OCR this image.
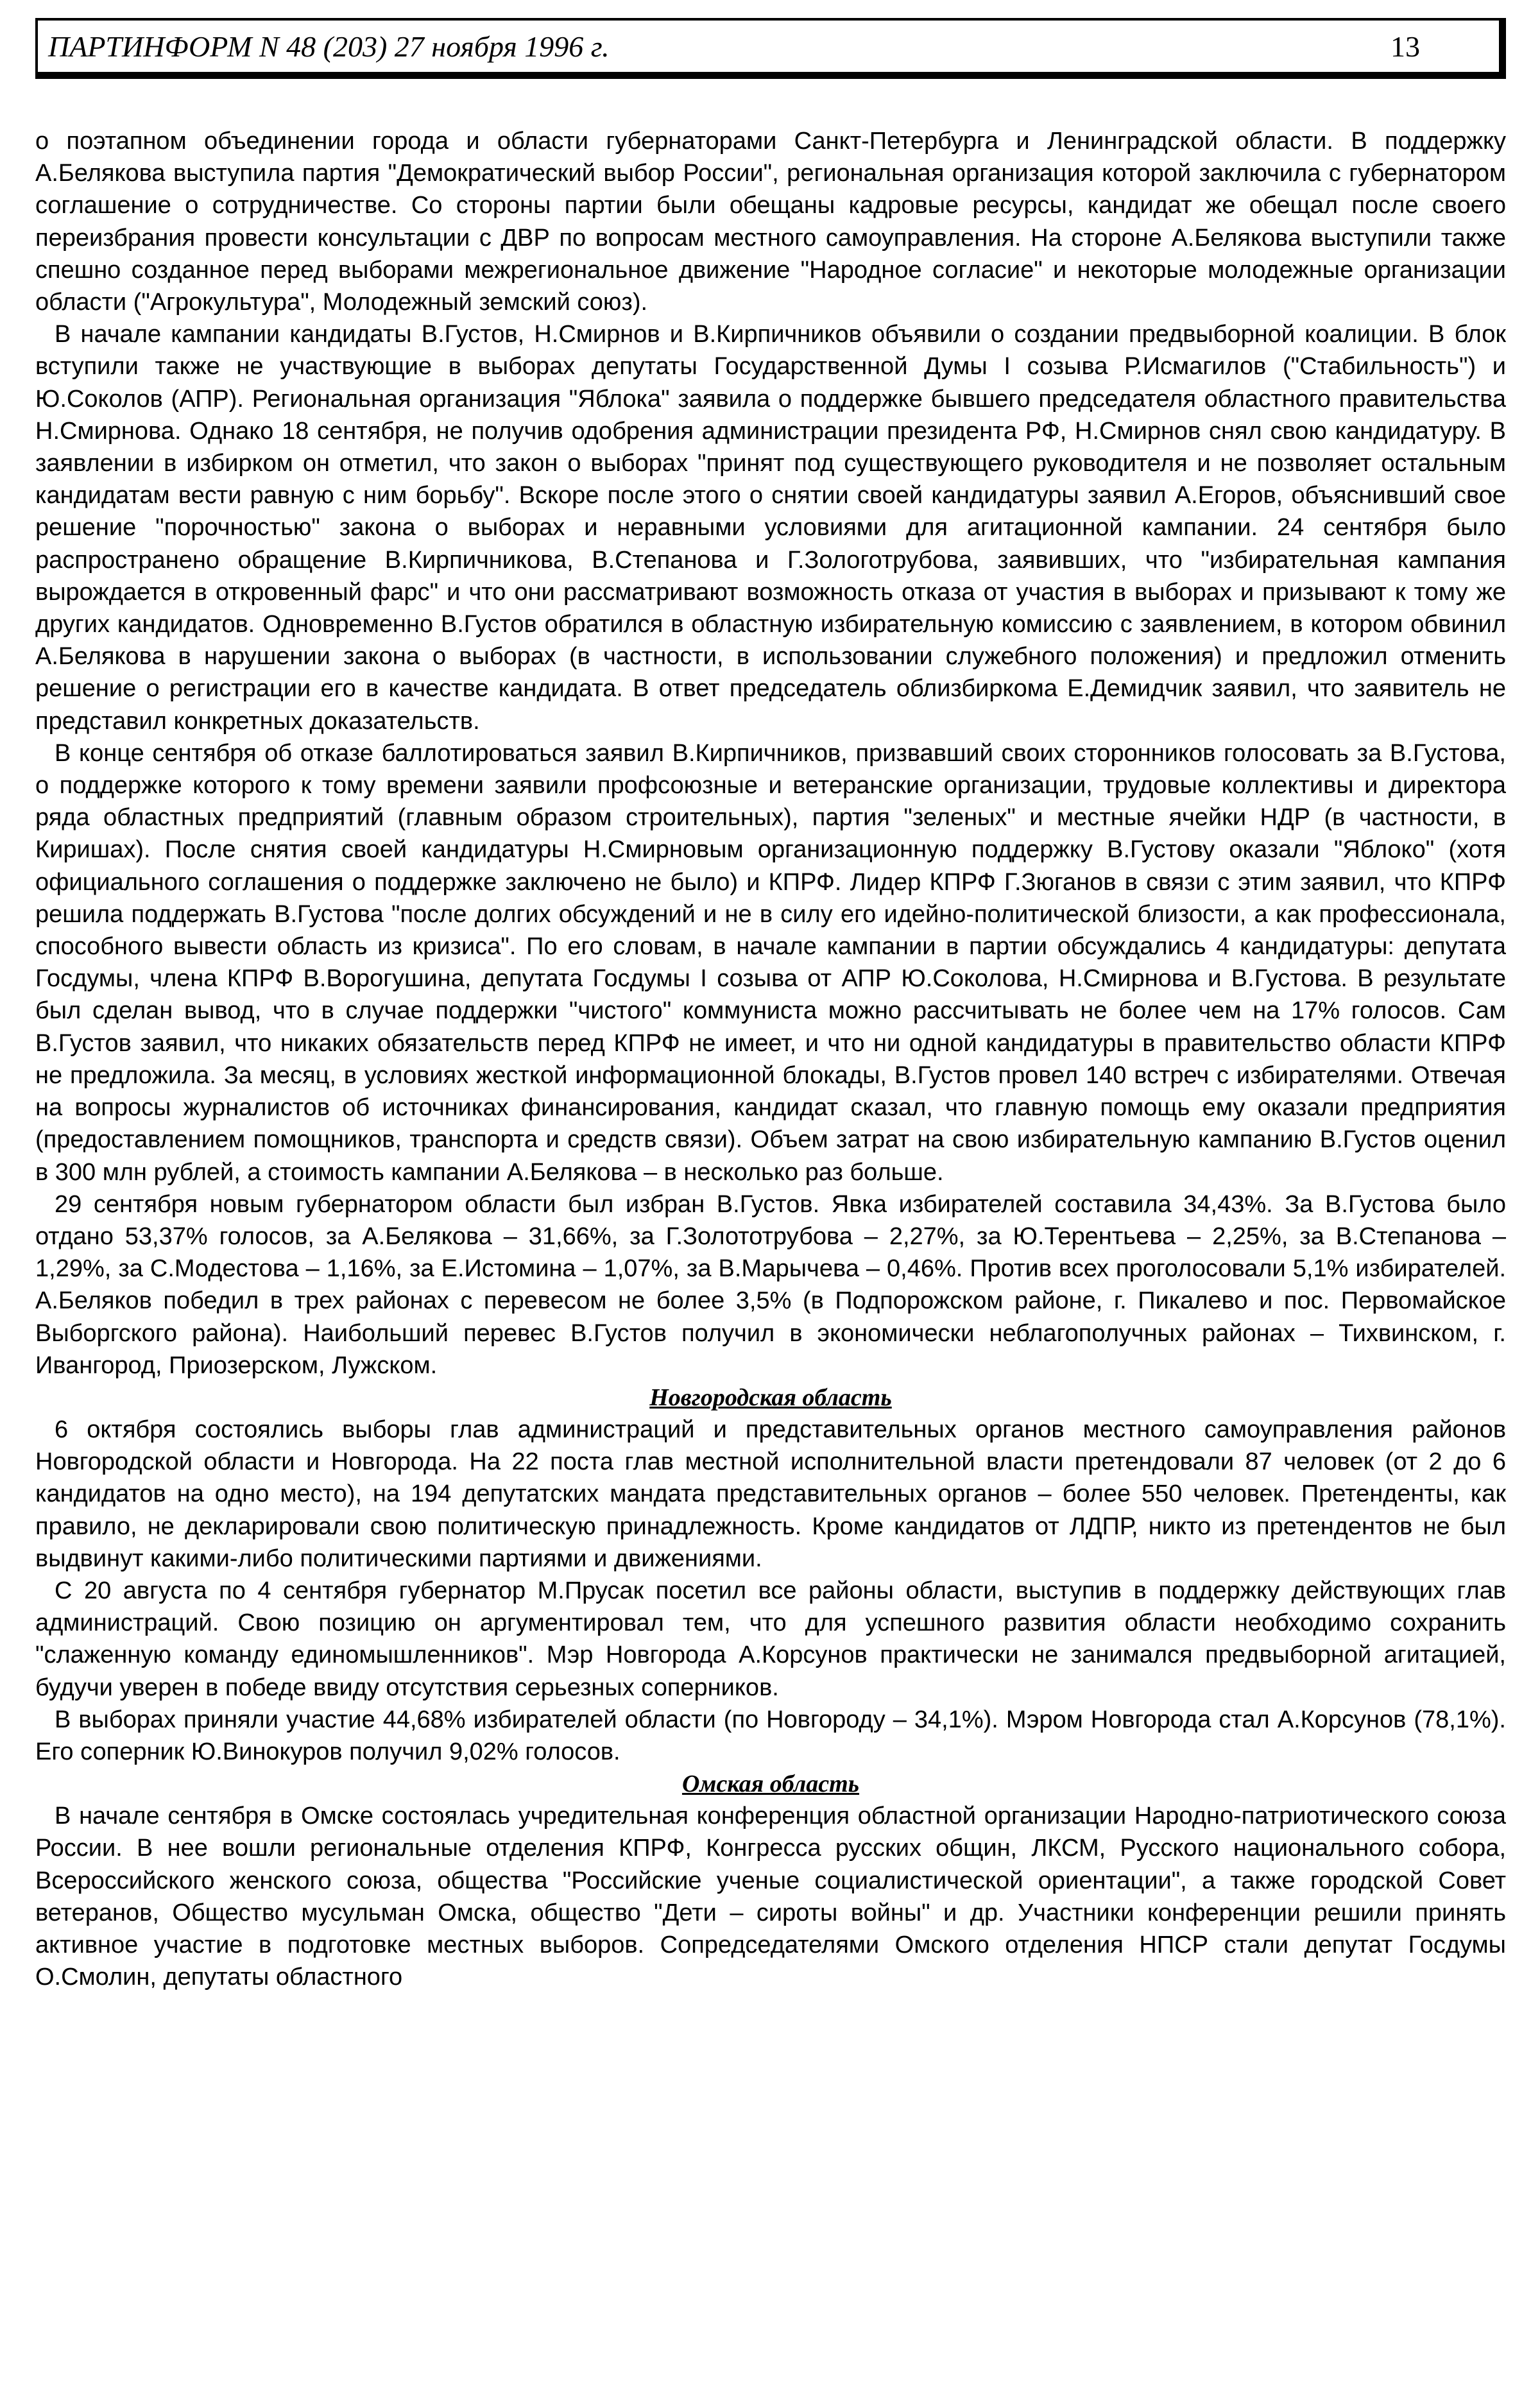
ПАРТИНФОРМ N 48 (203) 27 ноября 1996 г.	13

о поэтапном объединении города и области губернаторами Санкт-Петербурга и Ленинградской области. В поддержку А.Белякова выступила партия "Демократический выбор России", региональная организация которой заключила с губернатором соглашение о сотрудничестве. Со стороны партии были обещаны кадровые ресурсы, кандидат же обещал после своего переизбрания провести консультации с ДВР по вопросам местного самоуправления. На стороне А.Белякова выступили также спешно созданное перед выборами межрегиональное движение "Народное согласие" и некоторые молодежные организации области ("Агрокультура", Молодежный земский союз).

В начале кампании кандидаты В.Густов, Н.Смирнов и В.Кирпичников объявили о создании предвыборной коалиции. В блок вступили также не участвующие в выборах депутаты Государственной Думы I созыва Р.Исмагилов ("Стабильность") и Ю.Соколов (АПР). Региональная организация "Яблока" заявила о поддержке бывшего председателя областного правительства Н.Смирнова. Однако 18 сентября, не получив одобрения администрации президента РФ, Н.Смирнов снял свою кандидатуру. В заявлении в избирком он отметил, что закон о выборах "принят под существующего руководителя и не позволяет остальным кандидатам вести равную с ним борьбу". Вскоре после этого о снятии своей кандидатуры заявил А.Егоров, объяснивший свое решение "порочностью" закона о выборах и неравными условиями для агитационной кампании. 24 сентября было распространено обращение В.Кирпичникова, В.Степанова и Г.Зологотрубова, заявивших, что "избирательная кампания вырождается в откровенный фарс" и что они рассматривают возможность отказа от участия в выборах и призывают к тому же других кандидатов. Одновременно В.Густов обратился в областную избирательную комиссию с заявлением, в котором обвинил А.Белякова в нарушении закона о выборах (в частности, в использовании служебного положения) и предложил отменить решение о регистрации его в качестве кандидата. В ответ председатель облизбиркома Е.Демидчик заявил, что заявитель не представил конкретных доказательств.

В конце сентября об отказе баллотироваться заявил В.Кирпичников, призвавший своих сторонников голосовать за В.Густова, о поддержке которого к тому времени заявили профсоюзные и ветеранские организации, трудовые коллективы и директора ряда областных предприятий (главным образом строительных), партия "зеленых" и местные ячейки НДР (в частности, в Киришах). После снятия своей кандидатуры Н.Смирновым организационную поддержку В.Густову оказали "Яблоко" (хотя официального соглашения о поддержке заключено не было) и КПРФ. Лидер КПРФ Г.Зюганов в связи с этим заявил, что КПРФ решила поддержать В.Густова "после долгих обсуждений и не в силу его идейно-политической близости, а как профессионала, способного вывести область из кризиса". По его словам, в начале кампании в партии обсуждались 4 кандидатуры: депутата Госдумы, члена КПРФ В.Ворогушина, депутата Госдумы I созыва от АПР Ю.Соколова, Н.Смирнова и В.Густова. В результате был сделан вывод, что в случае поддержки "чистого" коммуниста можно рассчитывать не более чем на 17% голосов. Сам В.Густов заявил, что никаких обязательств перед КПРФ не имеет, и что ни одной кандидатуры в правительство области КПРФ не предложила. За месяц, в условиях жесткой информационной блокады, В.Густов провел 140 встреч с избирателями. Отвечая на вопросы журналистов об источниках финансирования, кандидат сказал, что главную помощь ему оказали предприятия (предоставлением помощников, транспорта и средств связи). Объем затрат на свою избирательную кампанию В.Густов оценил в 300 млн рублей, а стоимость кампании А.Белякова – в несколько раз больше.

29 сентября новым губернатором области был избран В.Густов. Явка избирателей составила 34,43%. За В.Густова было отдано 53,37% голосов, за А.Белякова – 31,66%, за Г.Золототрубова – 2,27%, за Ю.Терентьева – 2,25%, за В.Степанова – 1,29%, за С.Модестова – 1,16%, за Е.Истомина – 1,07%, за В.Марычева – 0,46%. Против всех проголосовали 5,1% избирателей. А.Беляков победил в трех районах с перевесом не более 3,5% (в Подпорожском районе, г. Пикалево и пос. Первомайское Выборгского района). Наибольший перевес В.Густов получил в экономически неблагополучных районах – Тихвинском, г. Ивангород, Приозерском, Лужском.

Новгородская область

6 октября состоялись выборы глав администраций и представительных органов местного самоуправления районов Новгородской области и Новгорода. На 22 поста глав местной исполнительной власти претендовали 87 человек (от 2 до 6 кандидатов на одно место), на 194 депутатских мандата представительных органов – более 550 человек. Претенденты, как правило, не декларировали свою политическую принадлежность. Кроме кандидатов от ЛДПР, никто из претендентов не был выдвинут какими-либо политическими партиями и движениями.

С 20 августа по 4 сентября губернатор М.Прусак посетил все районы области, выступив в поддержку действующих глав администраций. Свою позицию он аргументировал тем, что для успешного развития области необходимо сохранить "слаженную команду единомышленников". Мэр Новгорода А.Корсунов практически не занимался предвыборной агитацией, будучи уверен в победе ввиду отсутствия серьезных соперников.

В выборах приняли участие 44,68% избирателей области (по Новгороду – 34,1%). Мэром Новгорода стал А.Корсунов (78,1%). Его соперник Ю.Винокуров получил 9,02% голосов.

Омская область

В начале сентября в Омске состоялась учредительная конференция областной организации Народно-патриотического союза России. В нее вошли региональные отделения КПРФ, Конгресса русских общин, ЛКСМ, Русского национального собора, Всероссийского женского союза, общества "Российские ученые социалистической ориентации", а также городской Совет ветеранов, Общество мусульман Омска, общество "Дети – сироты войны" и др. Участники конференции решили принять активное участие в подготовке местных выборов. Сопредседателями Омского отделения НПСР стали депутат Госдумы О.Смолин, депутаты областного
